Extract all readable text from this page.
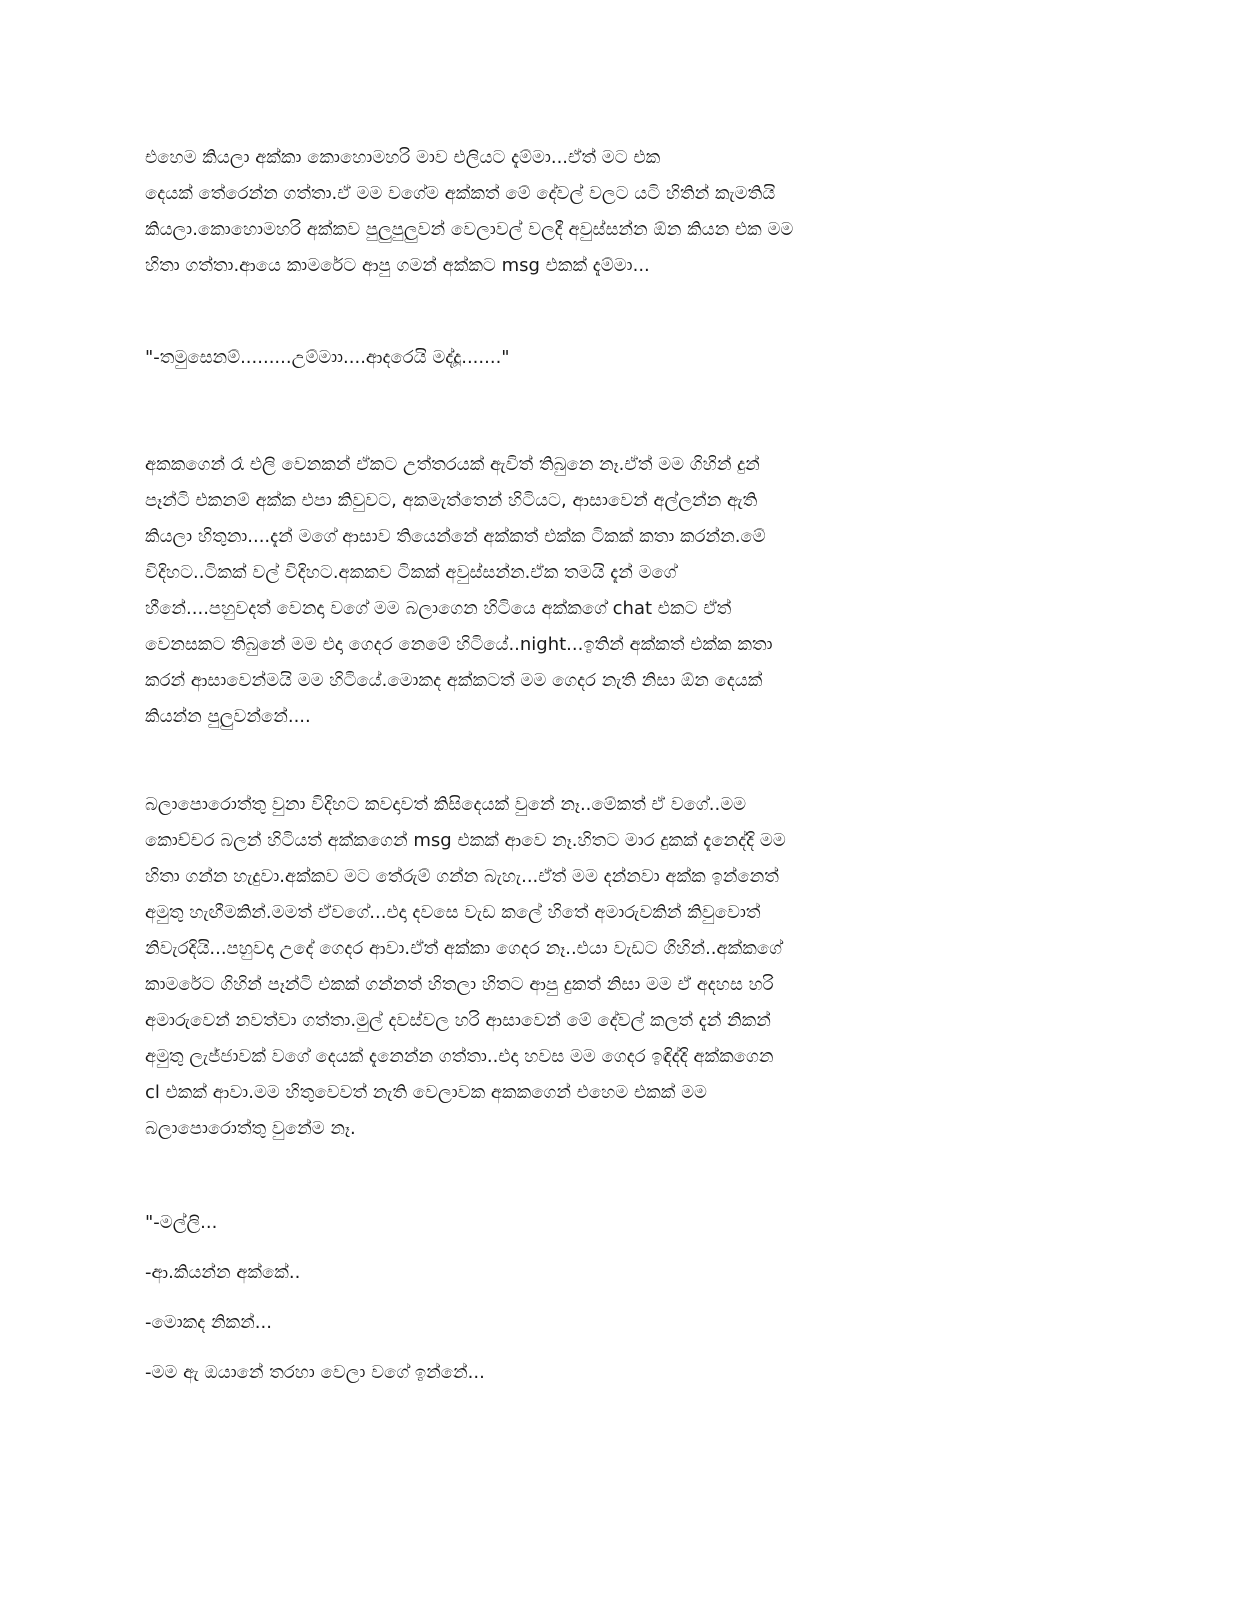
එහෙම කියලා අක්කා කොහොමහරි මාව එලියට දැම්මා...ඒත් මට එක
දෙයක් තේරෙන්න ගත්තා.ඒ මම වගේම අක්කත් මේ දේවල් වලට යටි හිතින් කැමතියි
කියලා.කොහොමහරි අක්කව පුලුපුලුවන් වෙලාවල් වලදී අවුස්සන්න ඕන කියන එක මම
හිතා ගත්තා.ආයෙ කාමරේට ආපු ගමන් අක්කට msg එකක් දැම්මා...
"-තමුසෙනම්.........උම්මාා....ආදරෙයි මද්දූ......."
අකකගෙන් රෑ එලි වෙනකන් ඒකට උත්තරයක් ඇවිත් තිබුනෙ නෑ.ඒත් මම ගිහින් දුන්
පෑන්ටි එකනම් අක්ක එපා කිවුවට, අකමැත්තෙන් හිටියට, ආසාවෙන් අල්ලන්න ඇති
කියලා හිතුනා....දැන් මගේ ආසාව තියෙන්නේ අක්කත් එක්ක ටිකක් කතා කරන්න.මේ
විදිහට..ටිකක් වල් විදිහට.අකකව ටිකක් අවුස්සන්න.ඒක තමයි දැන් මගේ
හීනේ....පහුවදත් වෙනදා වගේ මම බලාගෙන හිටියෙ අක්කගේ chat එකට ඒත්
වෙනසකට තිබුනේ මම එදා ගෙදර නෙමේ හිටියේ..night...ඉතින් අක්කත් එක්ක කතා
කරන් ආසාවෙන්මයි මම හිටියේ.මොකද අක්කටත් මම ගෙදර නැති නිසා ඕන දෙයක්
කියන්න පුලුවන්නේ....
බලාපොරොත්තු වුනා විදිහට කවදාවත් කිසිදෙයක් වුනේ නෑ..මේකත් ඒ වගේ..මම
කොච්චර බලන් හිටියත් අක්කගෙන් msg එකක් ආවෙ නෑ.හිතට මාර දුකක් දැනෙද්දි මම
හිතා ගන්න හැදුවා.අක්කව මට තේරුම් ගන්න බැහැ...ඒත් මම දන්නවා අක්ක ඉන්නෙත්
අමුතු හැඟීමකින්.මමත් ඒවගේ...එදා දවසෙ වැඩ කලේ හිතේ අමාරුවකින් කිවුවොත්
නිවැරදියි...පහුවදා උදේ ගෙදර ආවා.ඒත් අක්කා ගෙදර නෑ..එයා වැඩට ගිහින්..අක්කගේ
කාමරේට ගිහින් පෑන්ටි එකක් ගන්නත් හිතලා හිතට ආපු දුකත් නිසා මම ඒ අදහස හරි
අමාරුවෙන් නවත්වා ගත්තා.මුල් දවස්වල හරි ආසාවෙන් මේ දේවල් කලත් දැන් නිකන්
අමුතු ලැජ්ජාවක් වගේ දෙයක් දැනෙන්න ගත්තා..එදා හවස මම ගෙදර ඉඳිද්දි අක්කගෙන
cl එකක් ආවා.මම හිතුවෙවත් නැති වෙලාවක අකකගෙන් එහෙම එකක් මම
බලාපොරොත්තු වුනේම නෑ.
"-මල්ලි...
-ආ.කියන්න අක්කේ..
-මොකද නිකන්...
-මම ඇ ඔයානේ තරහා වෙලා වගේ ඉන්නේ...
